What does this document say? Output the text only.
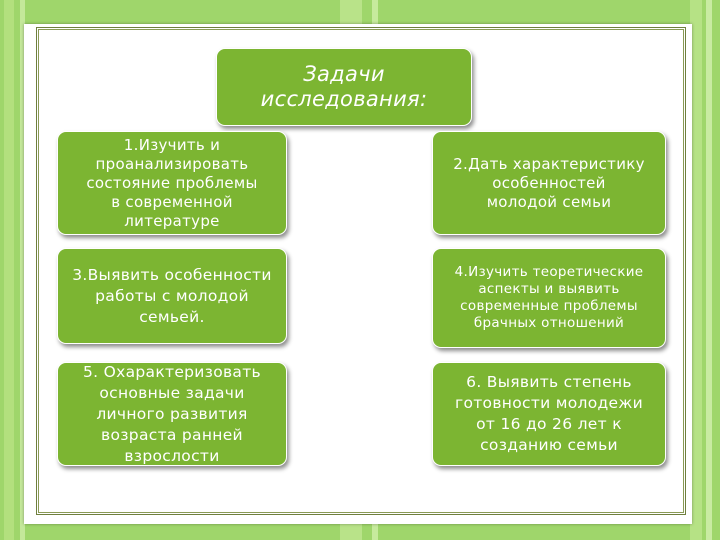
Задачи
исследования:
1.Изучить и
проанализировать
состояние проблемы
в современной
литературе
2.Дать характеристику
особенностей
молодой семьи
3.Выявить особенности
работы с молодой
семьей.
4.Изучить теоретические
аспекты и выявить
современные проблемы
брачных отношений
5. Охарактеризовать
основные задачи
личного развития
возраста ранней
взрослости
6. Выявить степень
готовности молодежи
от 16 до 26 лет к
созданию семьи
